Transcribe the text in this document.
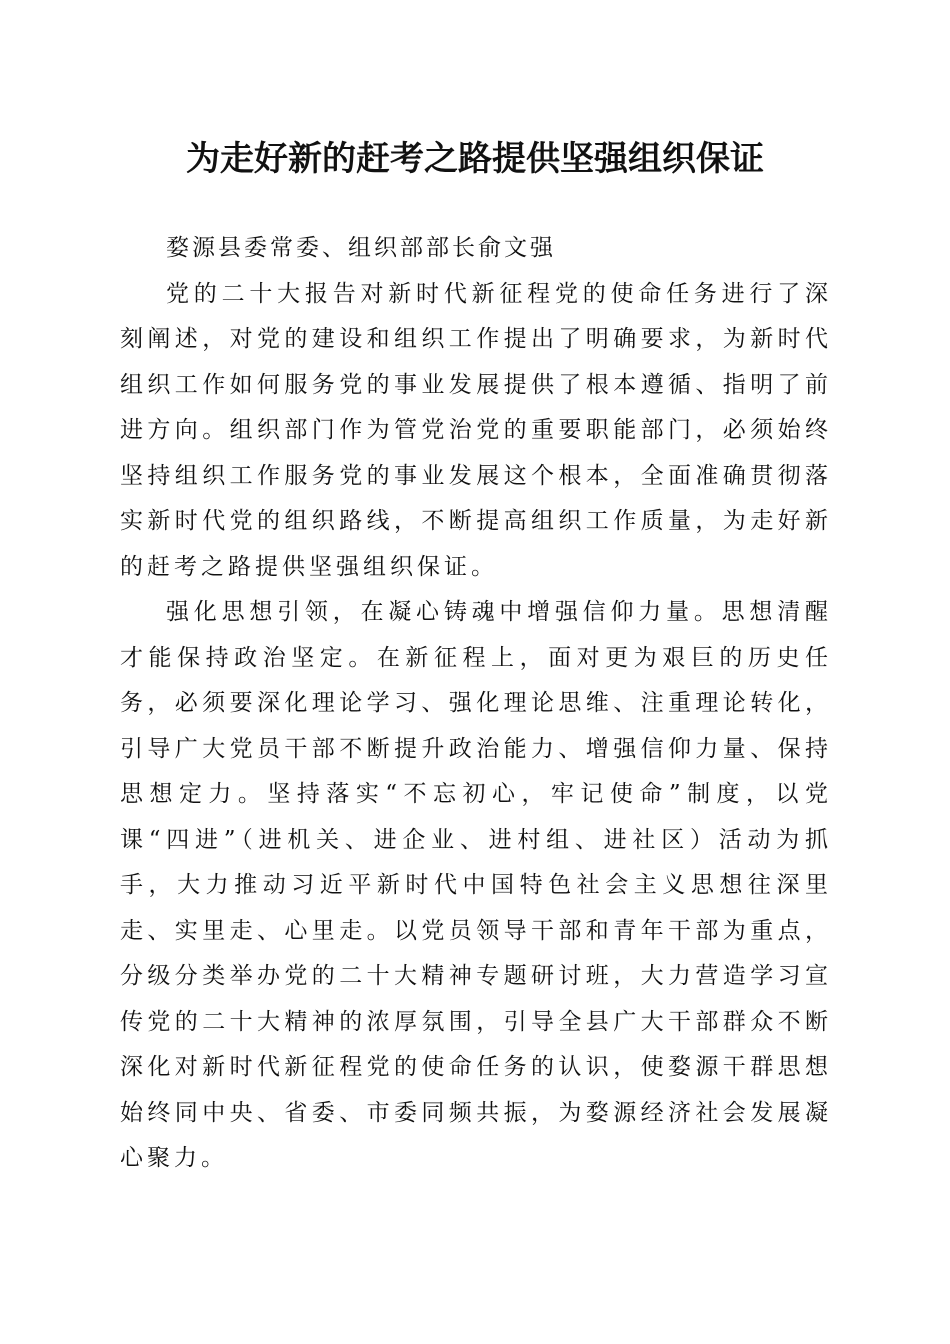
为走好新的赶考之路提供坚强组织保证

婺源县委常委、组织部部长俞文强

党的二十大报告对新时代新征程党的使命任务进行了深刻阐述，对党的建设和组织工作提出了明确要求，为新时代组织工作如何服务党的事业发展提供了根本遵循、指明了前进方向。组织部门作为管党治党的重要职能部门，必须始终坚持组织工作服务党的事业发展这个根本，全面准确贯彻落实新时代党的组织路线，不断提高组织工作质量，为走好新的赶考之路提供坚强组织保证。

强化思想引领，在凝心铸魂中增强信仰力量。思想清醒才能保持政治坚定。在新征程上，面对更为艰巨的历史任务，必须要深化理论学习、强化理论思维、注重理论转化，引导广大党员干部不断提升政治能力、增强信仰力量、保持思想定力。坚持落实“不忘初心，牢记使命”制度，以党课“四进”（进机关、进企业、进村组、进社区）活动为抓手，大力推动习近平新时代中国特色社会主义思想往深里走、实里走、心里走。以党员领导干部和青年干部为重点，分级分类举办党的二十大精神专题研讨班，大力营造学习宣传党的二十大精神的浓厚氛围，引导全县广大干部群众不断深化对新时代新征程党的使命任务的认识，使婺源干群思想始终同中央、省委、市委同频共振，为婺源经济社会发展凝心聚力。
